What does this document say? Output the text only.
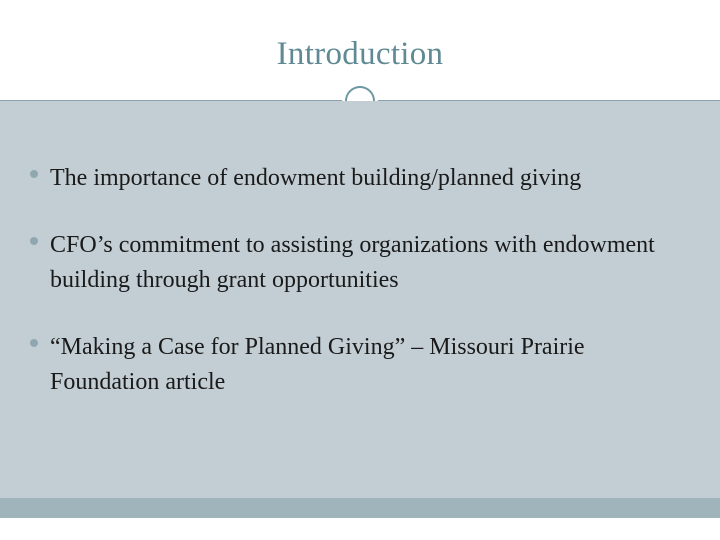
Introduction
The importance of endowment building/planned giving
CFO’s commitment to assisting organizations with endowment building through grant opportunities
“Making a Case for Planned Giving” – Missouri Prairie Foundation article
